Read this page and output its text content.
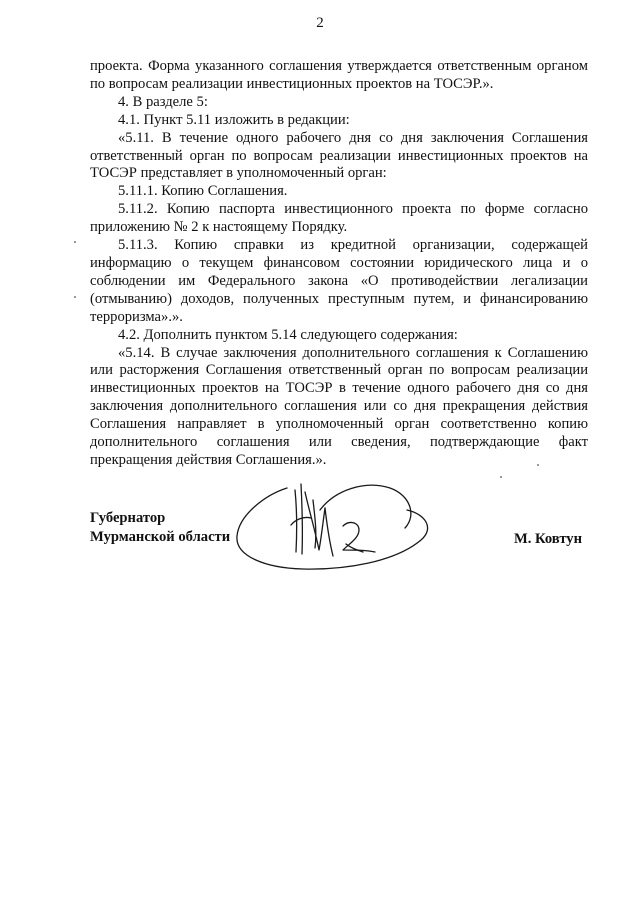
2

проекта. Форма указанного соглашения утверждается ответственным органом по вопросам реализации инвестиционных проектов на ТОСЭР.».

4. В разделе 5:

4.1. Пункт 5.11 изложить в редакции:

«5.11. В течение одного рабочего дня со дня заключения Соглашения ответственный орган по вопросам реализации инвестиционных проектов на ТОСЭР представляет в уполномоченный орган:

5.11.1. Копию Соглашения.

5.11.2. Копию паспорта инвестиционного проекта по форме согласно приложению № 2 к настоящему Порядку.

5.11.3. Копию справки из кредитной организации, содержащей информацию о текущем финансовом состоянии юридического лица и о соблюдении им Федерального закона «О противодействии легализации (отмыванию) доходов, полученных преступным путем, и финансированию терроризма».».

4.2. Дополнить пунктом 5.14 следующего содержания:

«5.14. В случае заключения дополнительного соглашения к Соглашению или расторжения Соглашения ответственный орган по вопросам реализации инвестиционных проектов на ТОСЭР в течение одного рабочего дня со дня заключения дополнительного соглашения или со дня прекращения действия Соглашения направляет в уполномоченный орган соответственно копию дополнительного соглашения или сведения, подтверждающие факт прекращения действия Соглашения.».

Губернатор
Мурманской области	М. Ковтун
